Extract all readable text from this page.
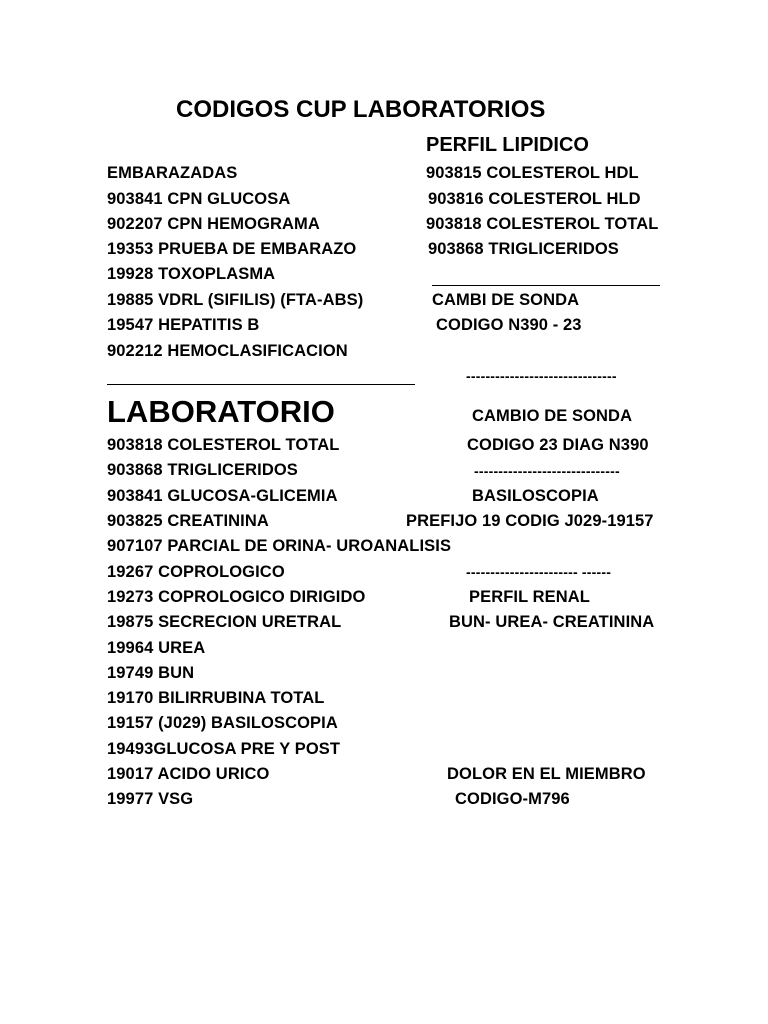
CODIGOS CUP LABORATORIOS
PERFIL LIPIDICO
EMBARAZADAS
903841 CPN GLUCOSA
902207 CPN HEMOGRAMA
19353 PRUEBA DE EMBARAZO
19928 TOXOPLASMA
19885 VDRL (SIFILIS) (FTA-ABS)
19547 HEPATITIS B
902212 HEMOCLASIFICACION
903815 COLESTEROL HDL
903816 COLESTEROL HLD
903818 COLESTEROL TOTAL
903868 TRIGLICERIDOS
CAMBI DE SONDA
CODIGO N390 - 23
-------------------------------
LABORATORIO
903818 COLESTEROL TOTAL
903868 TRIGLICERIDOS
903841 GLUCOSA-GLICEMIA
903825 CREATININA
907107 PARCIAL DE ORINA- UROANALISIS
19267 COPROLOGICO
19273 COPROLOGICO DIRIGIDO
19875 SECRECION URETRAL
19964 UREA
19749 BUN
19170 BILIRRUBINA TOTAL
19157 (J029) BASILOSCOPIA
19493GLUCOSA PRE Y POST
19017 ACIDO URICO
19977 VSG
CAMBIO DE SONDA
CODIGO 23 DIAG N390
------------------------------
BASILOSCOPIA
PREFIJO 19 CODIG J029-19157
----------------------- ------
PERFIL RENAL
BUN- UREA- CREATININA
DOLOR EN EL MIEMBRO
CODIGO-M796
